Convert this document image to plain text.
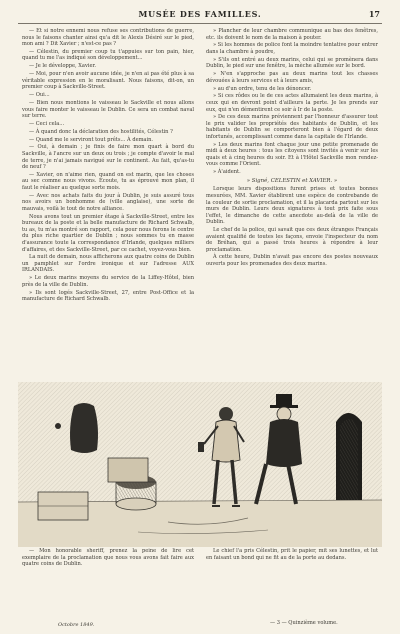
MUSÉE DES FAMILLES.	17

— Et si notre ennemi nous refuse ses contributions de guerre, nous le faisons chanter ainsi qu'a dit le Alexis Désiré sur le pied, mon ami ? Dit Xavier ; n'est-ce pas ?

— Célestin, du premier coup tu t'appuies sur ton pain, hier, quand tu me l'as indiqué son développement...

— Je le développe, Xavier.

— Moi, pour n'en avoir aucune idée, je n'en ai pas été plus à sa véritable expression en le moralisant. Nous faisons, dit-on, un premier coup à Sackville-Street.

— Oui...

— Bien nous montions le vaisseau le Sackville et nous allons vous faire monter le vaisseau le Dublin. Ce sera un combat naval sur terre.

— Ceci cela...

— À quand donc la déclaration des hostilités, Célestin ?

— Quand me le serviront tout prêts... À demain.

— Oui, à demain ; je finis de faire mon quart à bord du Sackville, à l'ancre sur un deux ou trois ; je compte d'avoir le mal de terre, je n'ai jamais navigué sur le continent. Au fait, qu'as-tu de neuf ?

— Xavier, on n'aime rien, quand on est marin, que les choses au sec comme nous vivons. Écoute, tu as éprouvé mon plan, il faut le réaliser au quelque sorte mois.

— Avec nos achats faits du jour à Dublin, je suis assuré tous nos avoirs un bonhomme de (ville anglaise), une sorte de mauvais, voilà le tout de notre alliance.

Nous avons tout un premier étage à Sackville-Street, entre les bureaux de la poste et la belle manufacture de Richard Schwalb, tu as, tu m'as montré son rapport, cela pour nous ferons le centre du plus riche quartier de Dublin ; nous sommes tu en masse d'assurance toute la correspondance d'Irlande, quelques milliers d'affaires, et des Sackville-Street, par ce cachet, voyez-vous bien.

La nuit de demain, nous afficherons aux quatre coins de Dublin un pamphlet sur l'ordre ironique et sur l'adresse AUX IRLANDAIS.

» Le deux marins moyens du service de la Liffey-Hôtel, bien près de la ville de Dublin.

» Ils sont logés Sackville-Street, 27, entre Post-Office et la manufacture de Richard Schwalb.

» Plancher de leur chambre communique au bas des fenêtres, etc. ils doivent le nom de la maison à pouter.

» Si les hommes de police font la moindre tentative pour entrer dans la chambre à poudre,

» S'ils ont entré au deux marins, celui qui se promènera dans Dublin, le pied sur une fenêtre, la mèche allumée sur le bord.

» N'en s'approche pas au deux marins tout les chasses dévouées à leurs services et à leurs amis,

» au d'un ordre, tenu de les dénoncer.

» Si ces rôdes ou le de ces actes allumaient les deux marins, à ceux qui en devront point d'ailleurs la perte. Je les prends sur eux, qui n'en démentirent ce soir à Ir de la poste.

» De ces deux marins préviennent par l'honneur d'assurer tout le prix valider les propriétés des habitants de Dublin, et les habitants de Dublin se comporteront bien à l'égard de deux infortunés, accomplissant comme dans la capitale de l'Irlande.

» Les deux marins font chaque jour une petite promenade de midi à deux heures : tous les citoyens sont invités à venir sur les quais et à cinq heures du soir. Et à l'Hôtel Sackville mon rendez-vous comme l'Orient.

» À'aident.

» Signé, CELESTIN et XAVIER. »

Lorsque leurs dispositions furent prises et toutes bonnes mesurées, MM. Xavier établirent une espèce de contrebande de la couleur de sortie proclamation, et il la placarda partout sur les murs de Dublin. Leurs deux signatures à tout prix faite sous l'effet, le dimanche de cette anecdote au-delà de la ville de Dublin.

Le chef de la police, qui savait que ces deux étranges Français avaient qualifié de toutes les façons, envoie l'inspecteur du nom de Bréhan, qui a passé trois heures à répondre à leur proclamation.

À cette heure, Dublin n'avait pas encore des postes nouveaux ouverts pour les promenades des deux marins.

— Mon honorable sheriff, prenez la peine de lire cet exemplaire de la proclamation que nous vous avons fait faire aux quatre coins de Dublin.

Le chief l'a pris Célestin, prit le papier, mit ses lunettes, et lut en faisant un bond qui ne fit au de la porte au dedans.

Octobre 1849.	— 3 — Quinzième volume.
